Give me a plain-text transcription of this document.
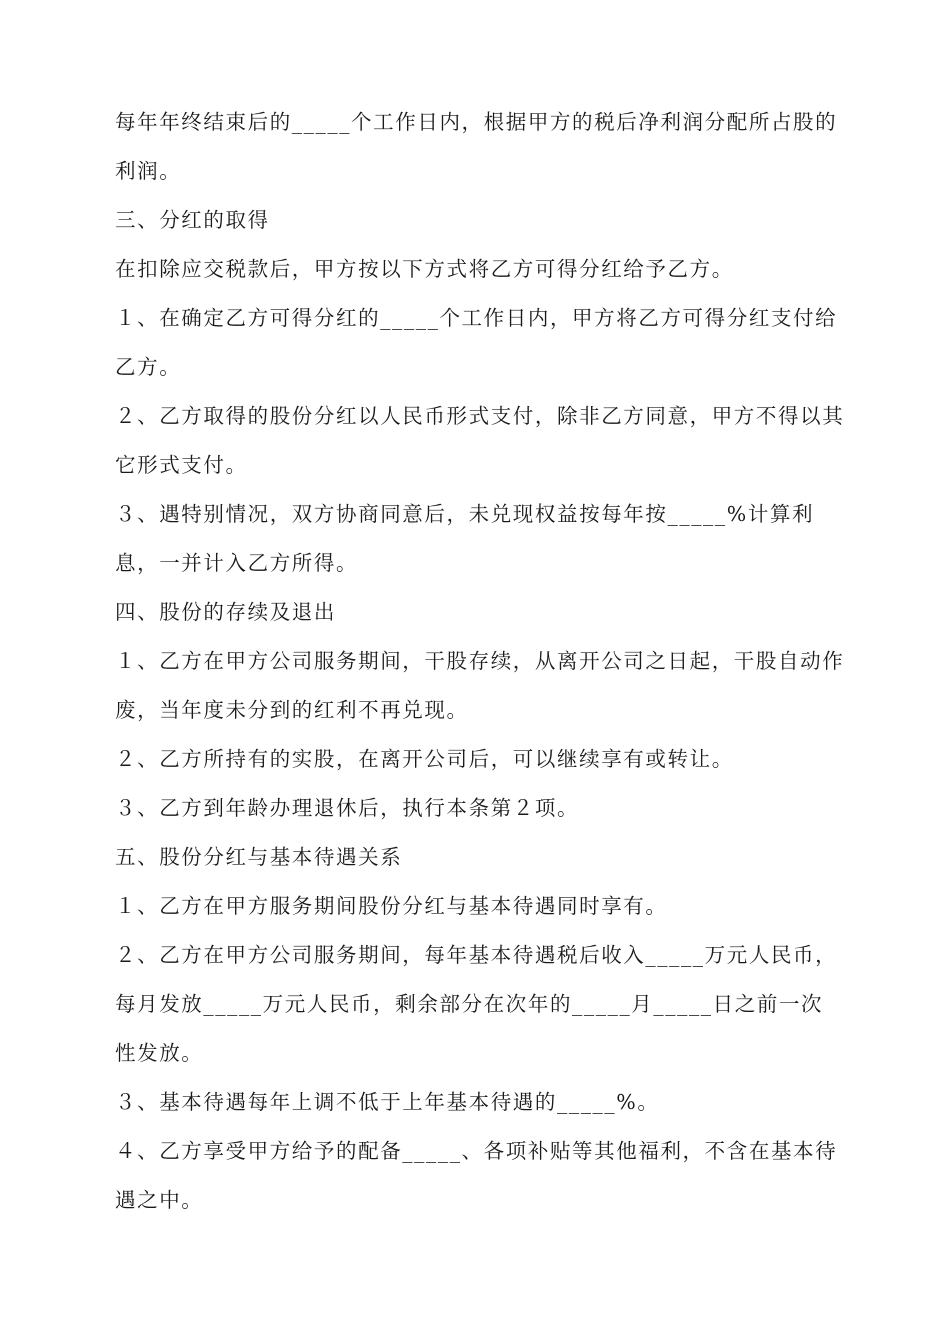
每年年终结束后的_____个工作日内，根据甲方的税后净利润分配所占股的利润。

三、分红的取得

在扣除应交税款后，甲方按以下方式将乙方可得分红给予乙方。

１、在确定乙方可得分红的_____个工作日内，甲方将乙方可得分红支付给乙方。

２、乙方取得的股份分红以人民币形式支付，除非乙方同意，甲方不得以其它形式支付。

３、遇特别情况，双方协商同意后，未兑现权益按每年按_____%计算利息，一并计入乙方所得。

四、股份的存续及退出

１、乙方在甲方公司服务期间，干股存续，从离开公司之日起，干股自动作废，当年度未分到的红利不再兑现。

２、乙方所持有的实股，在离开公司后，可以继续享有或转让。

３、乙方到年龄办理退休后，执行本条第２项。

五、股份分红与基本待遇关系

１、乙方在甲方服务期间股份分红与基本待遇同时享有。

２、乙方在甲方公司服务期间，每年基本待遇税后收入_____万元人民币，每月发放_____万元人民币，剩余部分在次年的_____月_____日之前一次性发放。

３、基本待遇每年上调不低于上年基本待遇的_____%。

４、乙方享受甲方给予的配备_____、各项补贴等其他福利，不含在基本待遇之中。
